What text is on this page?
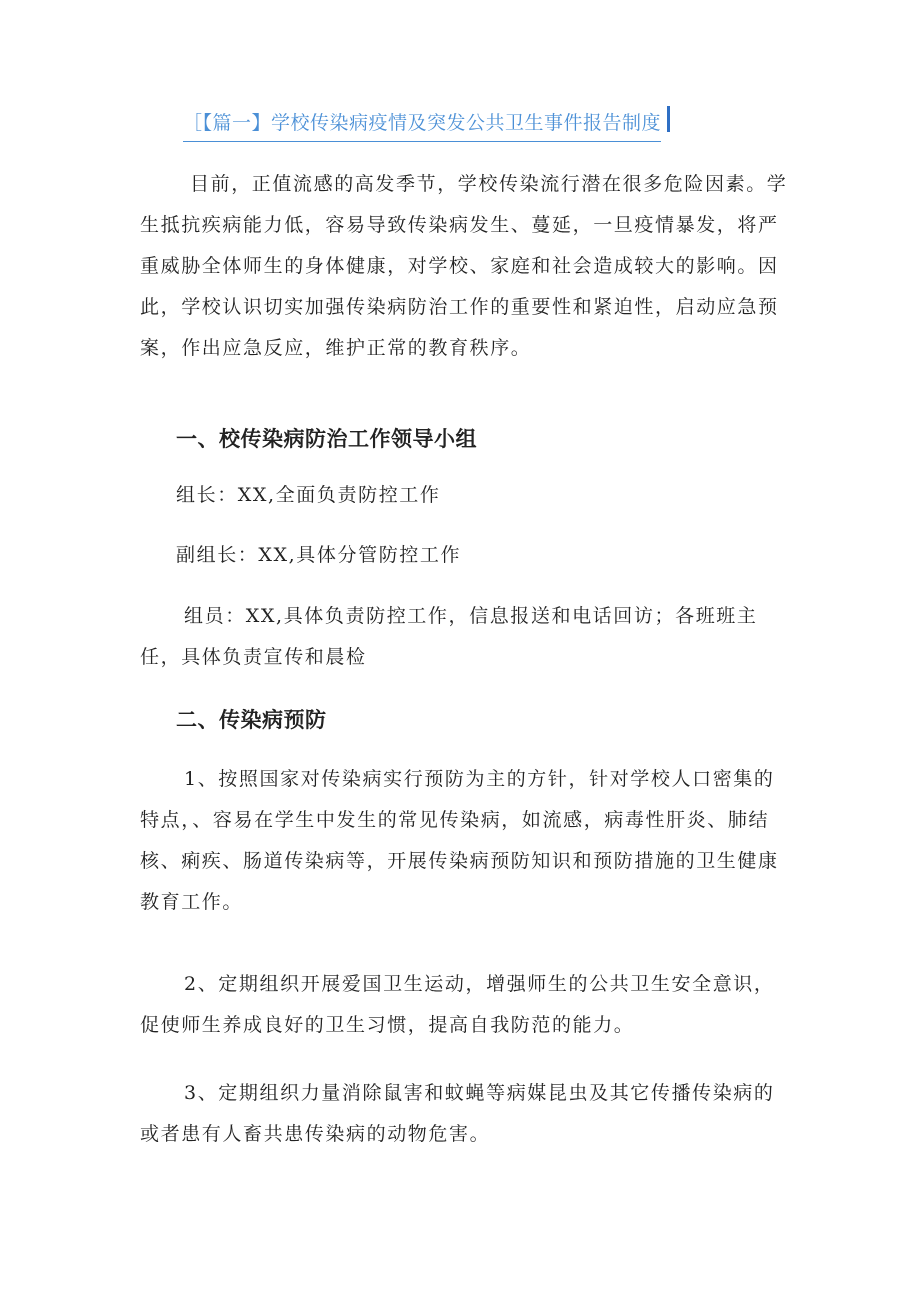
［【篇一】学校传染病疫情及突发公共卫生事件报告制度

目前，正值流感的高发季节，学校传染流行潜在很多危险因素。学生抵抗疾病能力低，容易导致传染病发生、蔓延，一旦疫情暴发，将严重威胁全体师生的身体健康，对学校、家庭和社会造成较大的影响。因此，学校认识切实加强传染病防治工作的重要性和紧迫性，启动应急预案，作出应急反应，维护正常的教育秩序。

一、校传染病防治工作领导小组

组长：XX,全面负责防控工作

副组长：XX,具体分管防控工作

组员：XX,具体负责防控工作，信息报送和电话回访；各班班主任，具体负责宣传和晨检

二、传染病预防

1、按照国家对传染病实行预防为主的方针，针对学校人口密集的特点，、容易在学生中发生的常见传染病，如流感，病毒性肝炎、肺结核、痢疾、肠道传染病等，开展传染病预防知识和预防措施的卫生健康教育工作。

2、定期组织开展爱国卫生运动，增强师生的公共卫生安全意识，促使师生养成良好的卫生习惯，提高自我防范的能力。

3、定期组织力量消除鼠害和蚊蝇等病媒昆虫及其它传播传染病的或者患有人畜共患传染病的动物危害。
